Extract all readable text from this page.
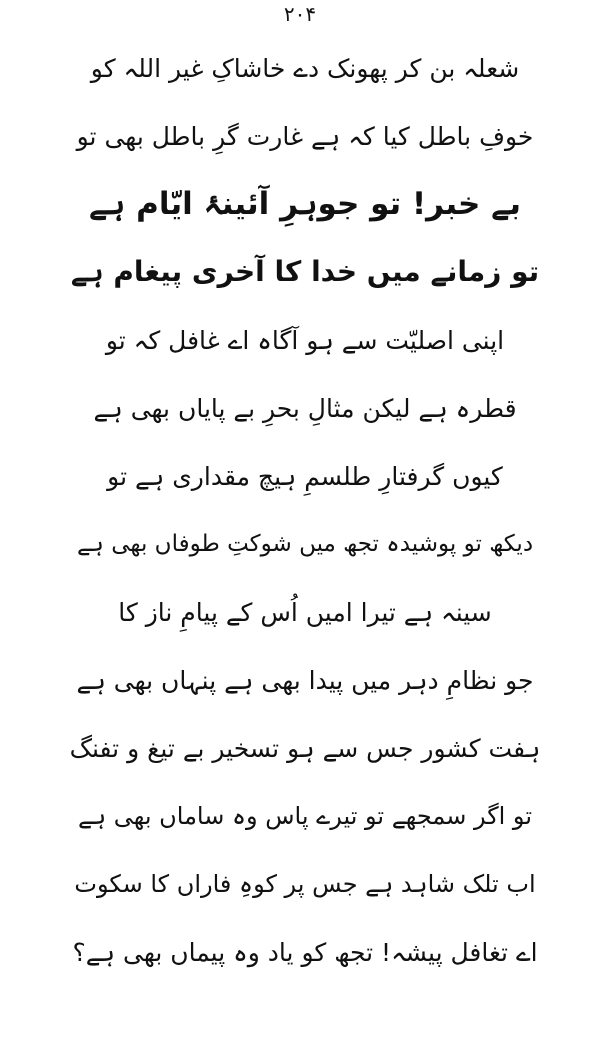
۲۰۴
شعلہ بن کر پھونک دے خاشاکِ غیر اللہ کو
خوفِ باطل کیا کہ ہے غارت گرِ باطل بھی تو
بے خبر! تو جوہرِ آئینۂ ایّام ہے
تو زمانے میں خدا کا آخری پیغام ہے
اپنی اصلیّت سے ہو آگاہ اے غافل کہ تو
قطرہ ہے لیکن مثالِ بحرِ بے پایاں بھی ہے
کیوں گرفتارِ طلسمِ ہیچ مقداری ہے تو
دیکھ تو پوشیدہ تجھ میں شوکتِ طوفاں بھی ہے
سینہ ہے تیرا امیں اُس کے پیامِ ناز کا
جو نظامِ دہر میں پیدا بھی ہے پنہاں بھی ہے
ہفت کشور جس سے ہو تسخیر بے تیغ و تفنگ
تو اگر سمجھے تو تیرے پاس وہ ساماں بھی ہے
اب تلک شاہد ہے جس پر کوہِ فاراں کا سکوت
اے تغافل پیشہ! تجھ کو یاد وہ پیماں بھی ہے؟
